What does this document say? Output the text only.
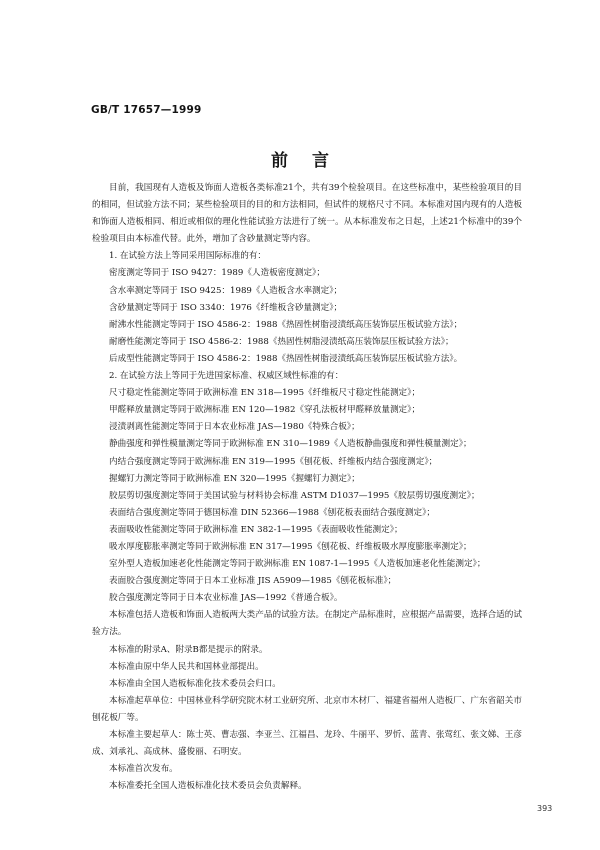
GB/T 17657—1999
前言

目前，我国现有人造板及饰面人造板各类标准21个，共有39个检验项目。在这些标准中，某些检验项目的目的相同，但试验方法不同；某些检验项目的目的和方法相同，但试件的规格尺寸不同。本标准对国内现有的人造板和饰面人造板相同、相近或相似的理化性能试验方法进行了统一。从本标准发布之日起，上述21个标准中的39个检验项目由本标准代替。此外，增加了含砂量测定等内容。

1. 在试验方法上等同采用国际标准的有：
密度测定等同于 ISO 9427：1989《人造板密度测定》；
含水率测定等同于 ISO 9425：1989《人造板含水率测定》；
含砂量测定等同于 ISO 3340：1976《纤维板含砂量测定》；
耐沸水性能测定等同于 ISO 4586-2：1988《热固性树脂浸渍纸高压装饰层压板试验方法》；
耐磨性能测定等同于 ISO 4586-2：1988《热固性树脂浸渍纸高压装饰层压板试验方法》；
后成型性能测定等同于 ISO 4586-2：1988《热固性树脂浸渍纸高压装饰层压板试验方法》。
2. 在试验方法上等同于先进国家标准、权威区域性标准的有：
尺寸稳定性能测定等同于欧洲标准 EN 318—1995《纤维板尺寸稳定性能测定》；
甲醛释放量测定等同于欧洲标准 EN 120—1982《穿孔法板材甲醛释放量测定》；
浸渍剥离性能测定等同于日本农业标准 JAS—1980《特殊合板》；
静曲强度和弹性模量测定等同于欧洲标准 EN 310—1989《人造板静曲强度和弹性模量测定》；
内结合强度测定等同于欧洲标准 EN 319—1995《刨花板、纤维板内结合强度测定》；
握螺钉力测定等同于欧洲标准 EN 320—1995《握螺钉力测定》；
胶层剪切强度测定等同于美国试验与材料协会标准 ASTM D1037—1995《胶层剪切强度测定》；
表面结合强度测定等同于德国标准 DIN 52366—1988《刨花板表面结合强度测定》；
表面吸收性能测定等同于欧洲标准 EN 382-1—1995《表面吸收性能测定》；
吸水厚度膨胀率测定等同于欧洲标准 EN 317—1995《刨花板、纤维板吸水厚度膨胀率测定》；
室外型人造板加速老化性能测定等同于欧洲标准 EN 1087-1—1995《人造板加速老化性能测定》；
表面胶合强度测定等同于日本工业标准 JIS A5909—1985《刨花板标准》；
胶合强度测定等同于日本农业标准 JAS—1992《普通合板》。

本标准包括人造板和饰面人造板两大类产品的试验方法。在制定产品标准时，应根据产品需要，选择合适的试验方法。

本标准的附录A、附录B都是提示的附录。

本标准由原中华人民共和国林业部提出。

本标准由全国人造板标准化技术委员会归口。

本标准起草单位：中国林业科学研究院木材工业研究所、北京市木材厂、福建省福州人造板厂、广东省韶关市刨花板厂等。

本标准主要起草人：陈士英、曹志强、李亚兰、江福昌、龙玲、牛丽平、罗忻、蓝青、张莺红、张文娣、王彦成、刘承礼、高成林、盛俊丽、石明安。

本标准首次发布。

本标准委托全国人造板标准化技术委员会负责解释。

393
